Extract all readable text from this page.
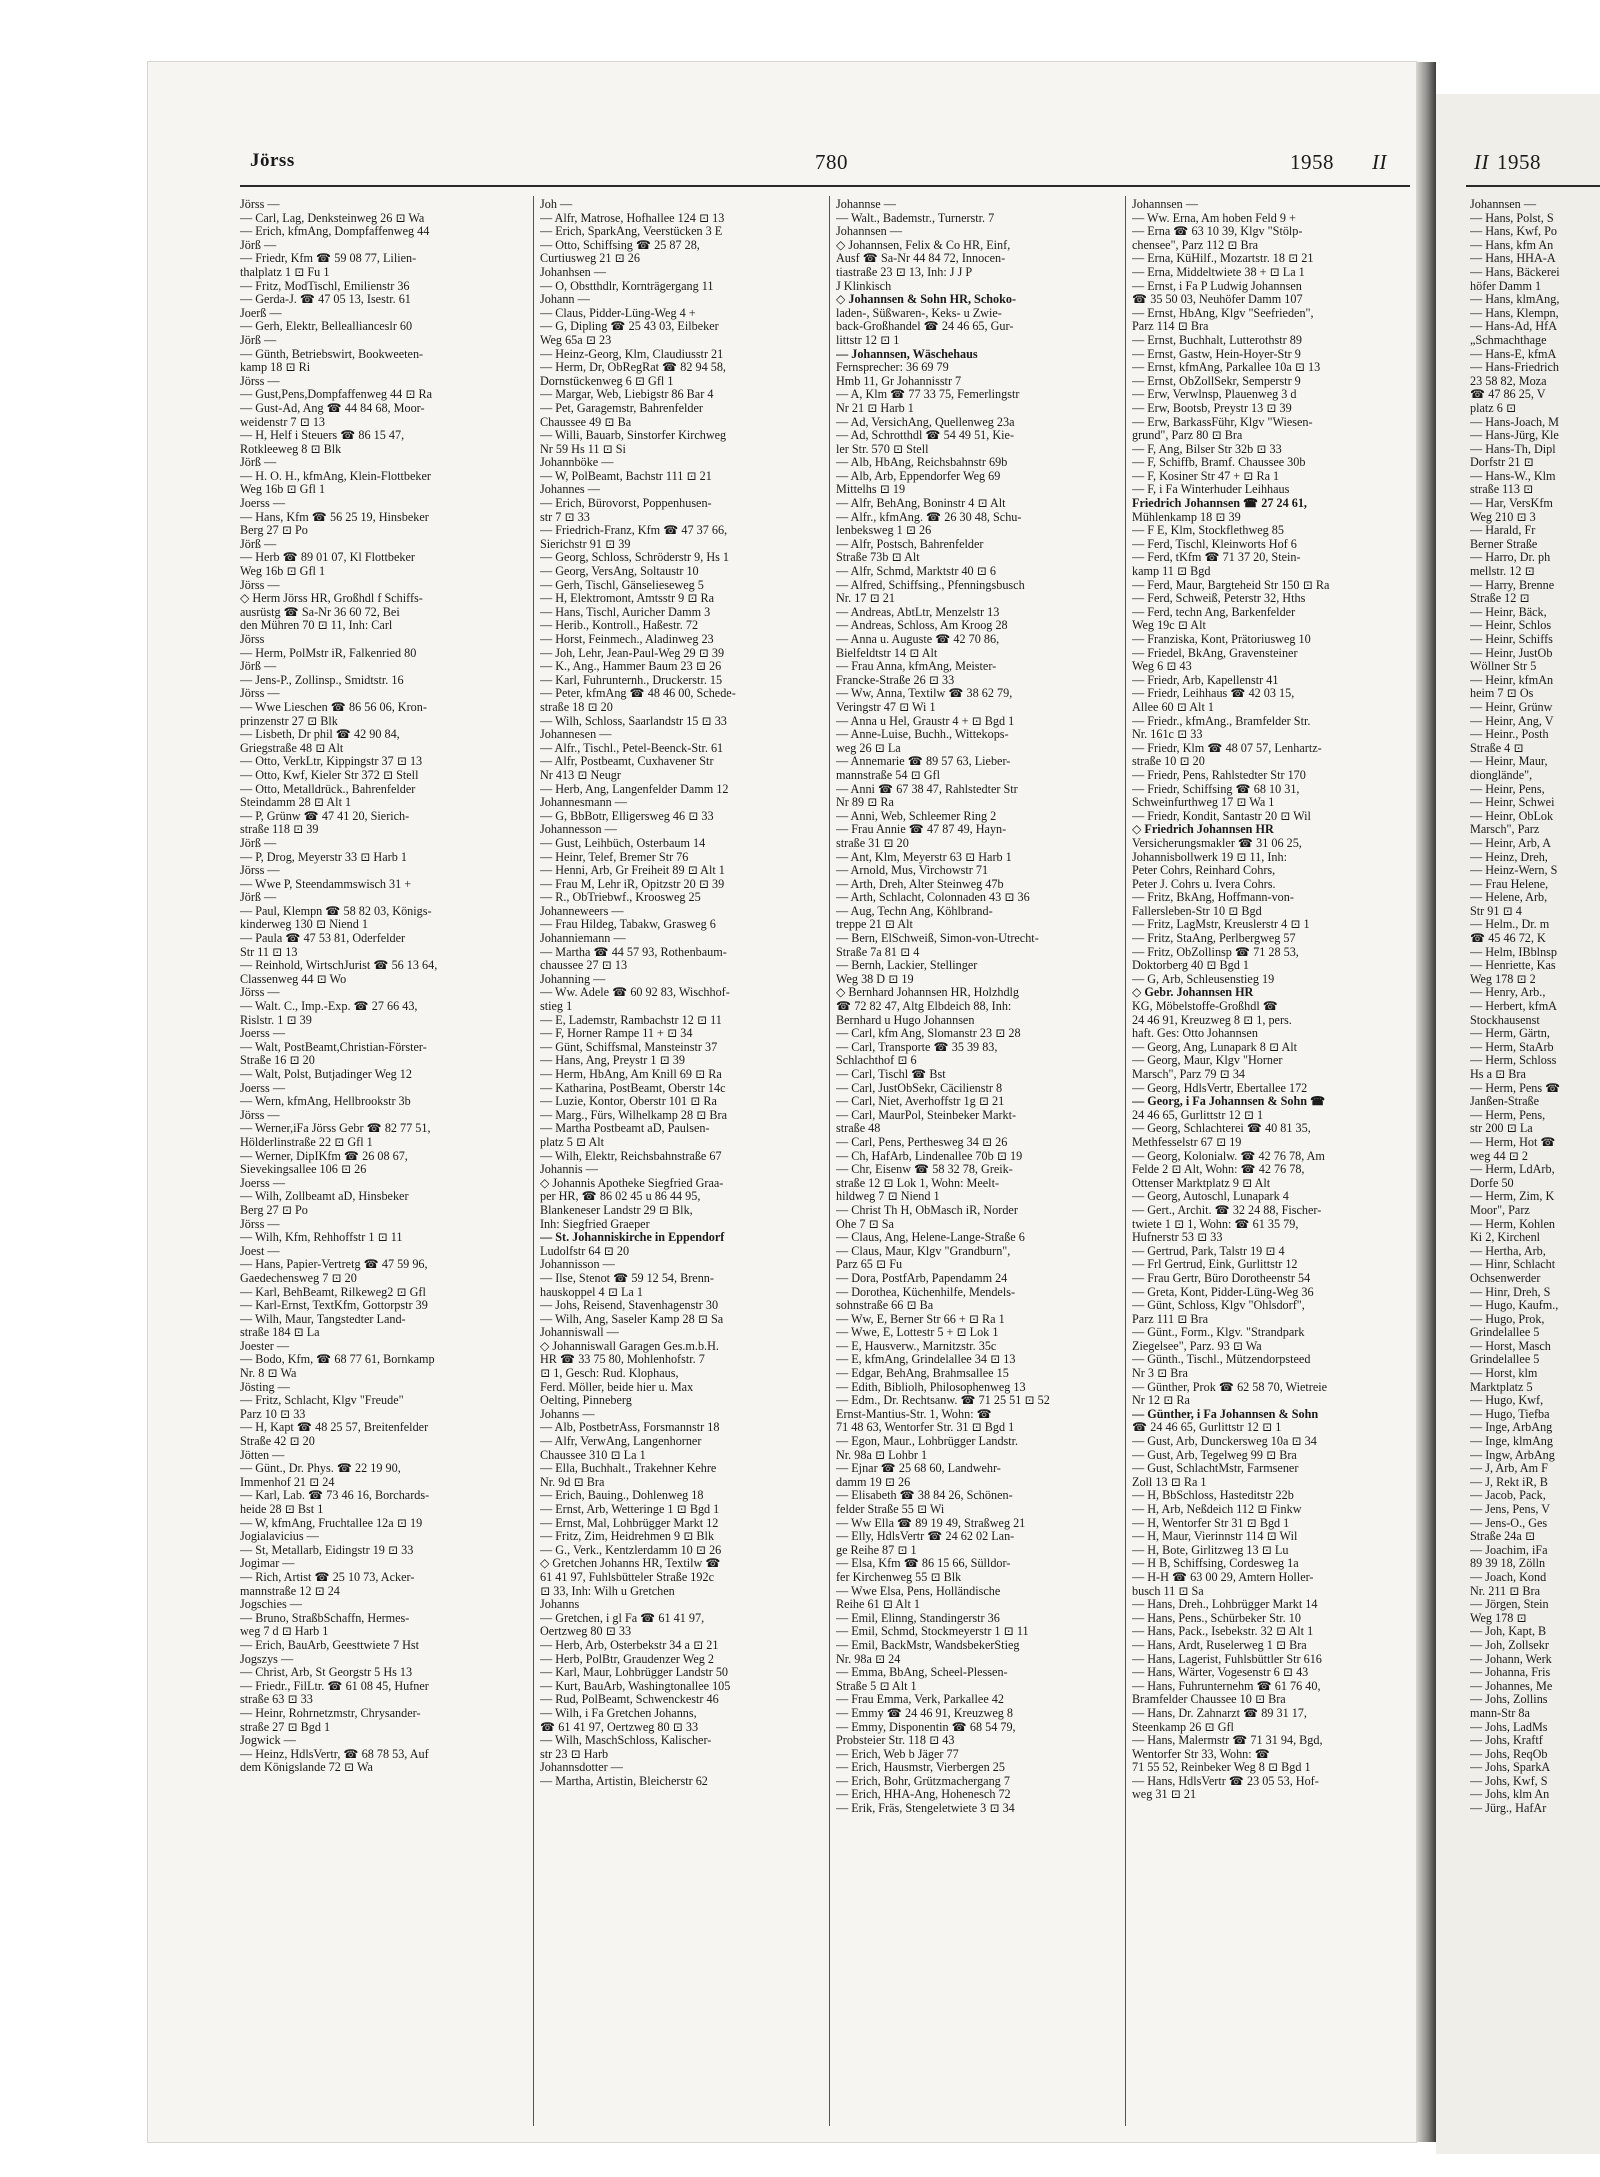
Jörss	780	1958 II	II 1958
Jörss —
— Carl, Lag, Denksteinweg 26 ⊡ Wa
— Erich, kfmAng, Dompfaffenweg 44
Jörß —
— Friedr, Kfm ☎ 59 08 77, Lilien-
thalplatz 1 ⊡ Fu 1
— Fritz, ModTischl, Emilienstr 36
— Gerda-J. ☎ 47 05 13, Isestr. 61
Joerß —
— Gerh, Elektr, Belleallianceslr 60
Jörß —
— Günth, Betriebswirt, Bookweeten-
kamp 18 ⊡ Ri
Jörss —
— Gust,Pens,Dompfaffenweg 44 ⊡ Ra
— Gust-Ad, Ang ☎ 44 84 68, Moor-
weidenstr 7 ⊡ 13
— H, Helf i Steuers ☎ 86 15 47,
Rotkleeweg 8 ⊡ Blk
Jörß —
— H. O. H., kfmAng, Klein-Flottbeker
Weg 16b ⊡ Gfl 1
Joerss —
— Hans, Kfm ☎ 56 25 19, Hinsbeker
Berg 27 ⊡ Po
Jörß —
— Herb ☎ 89 01 07, Kl Flottbeker
Weg 16b ⊡ Gfl 1
Jörss —
◇ Herm Jörss HR, Großhdl f Schiffs-
ausrüstg ☎ Sa-Nr 36 60 72, Bei
den Mühren 70 ⊡ 11, Inh: Carl
Jörss
— Herm, PolMstr iR, Falkenried 80
Jörß —
— Jens-P., Zollinsp., Smidtstr. 16
Jörss —
— Wwe Lieschen ☎ 86 56 06, Kron-
prinzenstr 27 ⊡ Blk
— Lisbeth, Dr phil ☎ 42 90 84,
Griegstraße 48 ⊡ Alt
— Otto, VerkLtr, Kippingstr 37 ⊡ 13
— Otto, Kwf, Kieler Str 372 ⊡ Stell
— Otto, Metalldrück., Bahrenfelder
Steindamm 28 ⊡ Alt 1
— P, Grünw ☎ 47 41 20, Sierich-
straße 118 ⊡ 39
Jörß —
— P, Drog, Meyerstr 33 ⊡ Harb 1
Jörss —
— Wwe P, Steendammswisch 31 +
Jörß —
— Paul, Klempn ☎ 58 82 03, Königs-
kinderweg 130 ⊡ Niend 1
— Paula ☎ 47 53 81, Oderfelder
Str 11 ⊡ 13
— Reinhold, WirtschJurist ☎ 56 13 64,
Classenweg 44 ⊡ Wo
Jörss —
— Walt. C., Imp.-Exp. ☎ 27 66 43,
Rislstr. 1 ⊡ 39
Joerss —
— Walt, PostBeamt,Christian-Förster-
Straße 16 ⊡ 20
— Walt, Polst, Butjadinger Weg 12
Joerss —
— Wern, kfmAng, Hellbrookstr 3b
Jörss —
— Werner,iFa Jörss Gebr ☎ 82 77 51,
Hölderlinstraße 22 ⊡ Gfl 1
— Werner, DipIKfm ☎ 26 08 67,
Sievekingsallee 106 ⊡ 26
Joerss —
— Wilh, Zollbeamt aD, Hinsbeker
Berg 27 ⊡ Po
Jörss —
— Wilh, Kfm, Rehhoffstr 1 ⊡ 11
Joest —
— Hans, Papier-Vertretg ☎ 47 59 96,
Gaedechensweg 7 ⊡ 20
— Karl, BehBeamt, Rilkeweg2 ⊡ Gfl
— Karl-Ernst, TextKfm, Gottorpstr 39
— Wilh, Maur, Tangstedter Land-
straße 184 ⊡ La
Joester —
— Bodo, Kfm, ☎ 68 77 61, Bornkamp
Nr. 8 ⊡ Wa
Jösting —
— Fritz, Schlacht, Klgv "Freude"
Parz 10 ⊡ 33
— H, Kapt ☎ 48 25 57, Breitenfelder
Straße 42 ⊡ 20
Jötten —
— Günt., Dr. Phys. ☎ 22 19 90,
Immenhof 21 ⊡ 24
— Karl, Lab. ☎ 73 46 16, Borchards-
heide 28 ⊡ Bst 1
— W, kfmAng, Fruchtallee 12a ⊡ 19
Jogialavicius —
— St, Metallarb, Eidingstr 19 ⊡ 33
Jogimar —
— Rich, Artist ☎ 25 10 73, Acker-
mannstraße 12 ⊡ 24
Jogschies —
— Bruno, StraßbSchaffn, Hermes-
weg 7 d ⊡ Harb 1
— Erich, BauArb, Geesttwiete 7 Hst
Jogszys —
— Christ, Arb, St Georgstr 5 Hs 13
— Friedr., FilLtr. ☎ 61 08 45, Hufner
straße 63 ⊡ 33
— Heinr, Rohrnetzmstr, Chrysander-
straße 27 ⊡ Bgd 1
Jogwick —
— Heinz, HdlsVertr, ☎ 68 78 53, Auf
dem Königslande 72 ⊡ Wa
Joh —
— Alfr, Matrose, Hofhallee 124 ⊡ 13
— Erich, SparkAng, Veerstücken 3 E
— Otto, Schiffsing ☎ 25 87 28,
Curtiusweg 21 ⊡ 26
Johanhsen —
— O, Obstthdlr, Kornträgergang 11
Johann —
— Claus, Pidder-Lüng-Weg 4 +
— G, Dipling ☎ 25 43 03, Eilbeker
Weg 65a ⊡ 23
— Heinz-Georg, Klm, Claudiusstr 21
— Herm, Dr, ObRegRat ☎ 82 94 58,
Dornstückenweg 6 ⊡ Gfl 1
— Margar, Web, Liebigstr 86 Bar 4
— Pet, Garagemstr, Bahrenfelder
Chaussee 49 ⊡ Ba
— Willi, Bauarb, Sinstorfer Kirchweg
Nr 59 Hs 11 ⊡ Si
Johannböke —
— W, PolBeamt, Bachstr 111 ⊡ 21
Johannes —
— Erich, Bürovorst, Poppenhusen-
str 7 ⊡ 33
— Friedrich-Franz, Kfm ☎ 47 37 66,
Sierichstr 91 ⊡ 39
— Georg, Schloss, Schröderstr 9, Hs 1
— Georg, VersAng, Soltaustr 10
— Gerh, Tischl, Gänselieseweg 5
— H, Elektromont, Amtsstr 9 ⊡ Ra
— Hans, Tischl, Auricher Damm 3
— Herib., Kontroll., Haßestr. 72
— Horst, Feinmech., Aladinweg 23
— Joh, Lehr, Jean-Paul-Weg 29 ⊡ 39
— K., Ang., Hammer Baum 23 ⊡ 26
— Karl, Fuhrunternh., Druckerstr. 15
— Peter, kfmAng ☎ 48 46 00, Schede-
straße 18 ⊡ 20
— Wilh, Schloss, Saarlandstr 15 ⊡ 33
Johannesen —
— Alfr., Tischl., Petel-Beenck-Str. 61
— Alfr, Postbeamt, Cuxhavener Str
Nr 413 ⊡ Neugr
— Herb, Ang, Langenfelder Damm 12
Johannesmann —
— G, BbBotr, Elligersweg 46 ⊡ 33
Johannesson —
— Gust, Leihbüch, Osterbaum 14
— Heinr, Telef, Bremer Str 76
— Henni, Arb, Gr Freiheit 89 ⊡ Alt 1
— Frau M, Lehr iR, Opitzstr 20 ⊡ 39
— R., ObTriebwf., Kroosweg 25
Johanneweers —
— Frau Hildeg, Tabakw, Grasweg 6
Johanniemann —
— Martha ☎ 44 57 93, Rothenbaum-
chaussee 27 ⊡ 13
Johanning —
— Ww. Adele ☎ 60 92 83, Wischhof-
stieg 1
— E, Lademstr, Rambachstr 12 ⊡ 11
— F, Horner Rampe 11 + ⊡ 34
— Günt, Schiffsmal, Mansteinstr 37
— Hans, Ang, Preystr 1 ⊡ 39
— Herm, HbAng, Am Knill 69 ⊡ Ra
— Katharina, PostBeamt, Oberstr 14c
— Luzie, Kontor, Oberstr 101 ⊡ Ra
— Marg., Fürs, Wilhelkamp 28 ⊡ Bra
— Martha Postbeamt aD, Paulsen-
platz 5 ⊡ Alt
— Wilh, Elektr, Reichsbahnstraße 67
Johannis —
◇ Johannis Apotheke Siegfried Graa-
per HR, ☎ 86 02 45 u 86 44 95,
Blankeneser Landstr 29 ⊡ Blk,
Inh: Siegfried Graeper
— St. Johanniskirche in Eppendorf
Ludolfstr 64 ⊡ 20
Johannisson —
— Ilse, Stenot ☎ 59 12 54, Brenn-
hauskoppel 4 ⊡ La 1
— Johs, Reisend, Stavenhagenstr 30
— Wilh, Ang, Saseler Kamp 28 ⊡ Sa
Johanniswall —
◇ Johanniswall Garagen Ges.m.b.H.
HR ☎ 33 75 80, Mohlenhofstr. 7
⊡ 1, Gesch: Rud. Klophaus,
Ferd. Möller, beide hier u. Max
Oelting, Pinneberg
Johanns —
— Alb, PostbetrAss, Forsmannstr 18
— Alfr, VerwAng, Langenhorner
Chaussee 310 ⊡ La 1
— Ella, Buchhalt., Trakehner Kehre
Nr. 9d ⊡ Bra
— Erich, Bauing., Dohlenweg 18
— Ernst, Arb, Wetteringe 1 ⊡ Bgd 1
— Ernst, Mal, Lohbrügger Markt 12
— Fritz, Zim, Heidrehmen 9 ⊡ Blk
— G., Verk., Kentzlerdamm 10 ⊡ 26
◇ Gretchen Johanns HR, Textilw ☎
61 41 97, Fuhlsbütteler Straße 192c
⊡ 33, Inh: Wilh u Gretchen
Johanns
— Gretchen, i gl Fa ☎ 61 41 97,
Oertzweg 80 ⊡ 33
— Herb, Arb, Osterbekstr 34 a ⊡ 21
— Herb, PolBtr, Graudenzer Weg 2
— Karl, Maur, Lohbrügger Landstr 50
— Kurt, BauArb, Washingtonallee 105
— Rud, PolBeamt, Schwenckestr 46
— Wilh, i Fa Gretchen Johanns,
☎ 61 41 97, Oertzweg 80 ⊡ 33
— Wilh, MaschSchloss, Kalischer-
str 23 ⊡ Harb
Johannsdotter —
— Martha, Artistin, Bleicherstr 62
Johannse —
— Walt., Bademstr., Turnerstr. 7
Johannsen —
◇ Johannsen, Felix & Co HR, Einf,
Ausf ☎ Sa-Nr 44 84 72, Innocen-
tiastraße 23 ⊡ 13, Inh: J J P
J Klinkisch
◇ Johannsen & Sohn HR, Schoko-
laden-, Süßwaren-, Keks- u Zwie-
back-Großhandel ☎ 24 46 65, Gur-
littstr 12 ⊡ 1
— Johannsen, Wäschehaus
Fernsprecher: 36 69 79
Hmb 11, Gr Johannisstr 7
— A, Klm ☎ 77 33 75, Femerlingstr
Nr 21 ⊡ Harb 1
— Ad, VersichAng, Quellenweg 23a
— Ad, Schrotthdl ☎ 54 49 51, Kie-
ler Str. 570 ⊡ Stell
— Alb, HbAng, Reichsbahnstr 69b
— Alb, Arb, Eppendorfer Weg 69
Mittelhs ⊡ 19
— Alfr, BehAng, Boninstr 4 ⊡ Alt
— Alfr., kfmAng. ☎ 26 30 48, Schu-
lenbeksweg 1 ⊡ 26
— Alfr, Postsch, Bahrenfelder
Straße 73b ⊡ Alt
— Alfr, Schmd, Marktstr 40 ⊡ 6
— Alfred, Schiffsing., Pfenningsbusch
Nr. 17 ⊡ 21
— Andreas, AbtLtr, Menzelstr 13
— Andreas, Schloss, Am Kroog 28
— Anna u. Auguste ☎ 42 70 86,
Bielfeldtstr 14 ⊡ Alt
— Frau Anna, kfmAng, Meister-
Francke-Straße 26 ⊡ 33
— Ww, Anna, Textilw ☎ 38 62 79,
Veringstr 47 ⊡ Wi 1
— Anna u Hel, Graustr 4 + ⊡ Bgd 1
— Anne-Luise, Buchh., Wittekops-
weg 26 ⊡ La
— Annemarie ☎ 89 57 63, Lieber-
mannstraße 54 ⊡ Gfl
— Anni ☎ 67 38 47, Rahlstedter Str
Nr 89 ⊡ Ra
— Anni, Web, Schleemer Ring 2
— Frau Annie ☎ 47 87 49, Hayn-
straße 31 ⊡ 20
— Ant, Klm, Meyerstr 63 ⊡ Harb 1
— Arnold, Mus, Virchowstr 71
— Arth, Dreh, Alter Steinweg 47b
— Arth, Schlacht, Colonnaden 43 ⊡ 36
— Aug, Techn Ang, Köhlbrand-
treppe 21 ⊡ Alt
— Bern, ElSchweiß, Simon-von-Utrecht-
Straße 7a 81 ⊡ 4
— Bernh, Lackier, Stellinger
Weg 38 D ⊡ 19
◇ Bernhard Johannsen HR, Holzhdlg
☎ 72 82 47, Altg Elbdeich 88, Inh:
Bernhard u Hugo Johannsen
— Carl, kfm Ang, Slomanstr 23 ⊡ 28
— Carl, Transporte ☎ 35 39 83,
Schlachthof ⊡ 6
— Carl, Tischl ☎ Bst
— Carl, JustObSekr, Cäcilienstr 8
— Carl, Niet, Averhoffstr 1g ⊡ 21
— Carl, MaurPol, Steinbeker Markt-
straße 48
— Carl, Pens, Perthesweg 34 ⊡ 26
— Ch, HafArb, Lindenallee 70b ⊡ 19
— Chr, Eisenw ☎ 58 32 78, Greik-
straße 12 ⊡ Lok 1, Wohn: Meelt-
hildweg 7 ⊡ Niend 1
— Christ Th H, ObMasch iR, Norder
Ohe 7 ⊡ Sa
— Claus, Ang, Helene-Lange-Straße 6
— Claus, Maur, Klgv "Grandburn",
Parz 65 ⊡ Fu
— Dora, PostfArb, Papendamm 24
— Dorothea, Küchenhilfe, Mendels-
sohnstraße 66 ⊡ Ba
— Ww, E, Berner Str 66 + ⊡ Ra 1
— Wwe, E, Lottestr 5 + ⊡ Lok 1
— E, Hausverw., Marnitzstr. 35c
— E, kfmAng, Grindelallee 34 ⊡ 13
— Edgar, BehAng, Brahmsallee 15
— Edith, Bibliolh, Philosophenweg 13
— Edm., Dr. Rechtsanw. ☎ 71 25 51 ⊡ 52
Ernst-Mantius-Str. 1, Wohn: ☎
71 48 63, Wentorfer Str. 31 ⊡ Bgd 1
— Egon, Maur., Lohbrügger Landstr.
Nr. 98a ⊡ Lohbr 1
— Ejnar ☎ 25 68 60, Landwehr-
damm 19 ⊡ 26
— Elisabeth ☎ 38 84 26, Schönen-
felder Straße 55 ⊡ Wi
— Ww Ella ☎ 89 19 49, Straßweg 21
— Elly, HdlsVertr ☎ 24 62 02 Lan-
ge Reihe 87 ⊡ 1
— Elsa, Kfm ☎ 86 15 66, Sülldor-
fer Kirchenweg 55 ⊡ Blk
— Wwe Elsa, Pens, Holländische
Reihe 61 ⊡ Alt 1
— Emil, Elinng, Standingerstr 36
— Emil, Schmd, Stockmeyerstr 1 ⊡ 11
— Emil, BackMstr, WandsbekerStieg
Nr. 98a ⊡ 24
— Emma, BbAng, Scheel-Plessen-
Straße 5 ⊡ Alt 1
— Frau Emma, Verk, Parkallee 42
— Emmy ☎ 24 46 91, Kreuzweg 8
— Emmy, Disponentin ☎ 68 54 79,
Probsteier Str. 118 ⊡ 43
— Erich, Web b Jäger 77
— Erich, Hausmstr, Vierbergen 25
— Erich, Bohr, Grützmachergang 7
— Erich, HHA-Ang, Hohenesch 72
— Erik, Fräs, Stengeletwiete 3 ⊡ 34
Johannsen —
— Ww. Erna, Am hoben Feld 9 +
— Erna ☎ 63 10 39, Klgv "Stölp-
chensee", Parz 112 ⊡ Bra
— Erna, KüHilf., Mozartstr. 18 ⊡ 21
— Erna, Middeltwiete 38 + ⊡ La 1
— Ernst, i Fa P Ludwig Johannsen
☎ 35 50 03, Neuhöfer Damm 107
— Ernst, HbAng, Klgv "Seefrieden",
Parz 114 ⊡ Bra
— Ernst, Buchhalt, Lutterothstr 89
— Ernst, Gastw, Hein-Hoyer-Str 9
— Ernst, kfmAng, Parkallee 10a ⊡ 13
— Ernst, ObZollSekr, Semperstr 9
— Erw, Verwlnsp, Plauenweg 3 d
— Erw, Bootsb, Preystr 13 ⊡ 39
— Erw, BarkassFühr, Klgv "Wiesen-
grund", Parz 80 ⊡ Bra
— F, Ang, Bilser Str 32b ⊡ 33
— F, Schiffb, Bramf. Chaussee 30b
— F, Kosiner Str 47 + ⊡ Ra 1
— F, i Fa Winterhuder Leihhaus
Friedrich Johannsen ☎ 27 24 61,
Mühlenkamp 18 ⊡ 39
— F E, Klm, Stockflethweg 85
— Ferd, Tischl, Kleinworts Hof 6
— Ferd, tKfm ☎ 71 37 20, Stein-
kamp 11 ⊡ Bgd
— Ferd, Maur, Bargteheid Str 150 ⊡ Ra
— Ferd, Schweiß, Peterstr 32, Hths
— Ferd, techn Ang, Barkenfelder
Weg 19c ⊡ Alt
— Franziska, Kont, Prätoriusweg 10
— Friedel, BkAng, Gravensteiner
Weg 6 ⊡ 43
— Friedr, Arb, Kapellenstr 41
— Friedr, Leihhaus ☎ 42 03 15,
Allee 60 ⊡ Alt 1
— Friedr., kfmAng., Bramfelder Str.
Nr. 161c ⊡ 33
— Friedr, Klm ☎ 48 07 57, Lenhartz-
straße 10 ⊡ 20
— Friedr, Pens, Rahlstedter Str 170
— Friedr, Schiffsing ☎ 68 10 31,
Schweinfurthweg 17 ⊡ Wa 1
— Friedr, Kondit, Santastr 20 ⊡ Wil
◇ Friedrich Johannsen HR
Versicherungsmakler ☎ 31 06 25,
Johannisbollwerk 19 ⊡ 11, Inh:
Peter Cohrs, Reinhard Cohrs,
Peter J. Cohrs u. Ivera Cohrs.
— Fritz, BkAng, Hoffmann-von-
Fallersleben-Str 10 ⊡ Bgd
— Fritz, LagMstr, Kreuslerstr 4 ⊡ 1
— Fritz, StaAng, Perlbergweg 57
— Fritz, ObZollinsp ☎ 71 28 53,
Doktorberg 40 ⊡ Bgd 1
— G, Arb, Schleusenstieg 19
◇ Gebr. Johannsen HR
KG, Möbelstoffe-Großhdl ☎
24 46 91, Kreuzweg 8 ⊡ 1, pers.
haft. Ges: Otto Johannsen
— Georg, Ang, Lunapark 8 ⊡ Alt
— Georg, Maur, Klgv "Horner
Marsch", Parz 79 ⊡ 34
— Georg, HdlsVertr, Ebertallee 172
— Georg, i Fa Johannsen & Sohn ☎
24 46 65, Gurlittstr 12 ⊡ 1
— Georg, Schlachterei ☎ 40 81 35,
Methfesselstr 67 ⊡ 19
— Georg, Kolonialw. ☎ 42 76 78, Am
Felde 2 ⊡ Alt, Wohn: ☎ 42 76 78,
Ottenser Marktplatz 9 ⊡ Alt
— Georg, Autoschl, Lunapark 4
— Gert., Archit. ☎ 32 24 88, Fischer-
twiete 1 ⊡ 1, Wohn: ☎ 61 35 79,
Hufnerstr 53 ⊡ 33
— Gertrud, Park, Talstr 19 ⊡ 4
— Frl Gertrud, Eink, Gurlittstr 12
— Frau Gertr, Büro Dorotheenstr 54
— Greta, Kont, Pidder-Lüng-Weg 36
— Günt, Schloss, Klgv "Ohlsdorf",
Parz 111 ⊡ Bra
— Günt., Form., Klgv. "Strandpark
Ziegelsee", Parz. 93 ⊡ Wa
— Günth., Tischl., Mützendorpsteed
Nr 3 ⊡ Bra
— Günther, Prok ☎ 62 58 70, Wietreie
Nr 12 ⊡ Ra
— Günther, i Fa Johannsen & Sohn
☎ 24 46 65, Gurlittstr 12 ⊡ 1
— Gust, Arb, Dunckersweg 10a ⊡ 34
— Gust, Arb, Tegelweg 99 ⊡ Bra
— Gust, SchlachtMstr, Farmsener
Zoll 13 ⊡ Ra 1
— H, BbSchloss, Hasteditstr 22b
— H, Arb, Neßdeich 112 ⊡ Finkw
— H, Wentorfer Str 31 ⊡ Bgd 1
— H, Maur, Vierinnstr 114 ⊡ Wil
— H, Bote, Girlitzweg 13 ⊡ Lu
— H B, Schiffsing, Cordesweg 1a
— H-H ☎ 63 00 29, Amtern Holler-
busch 11 ⊡ Sa
— Hans, Dreh., Lohbrügger Markt 14
— Hans, Pens., Schürbeker Str. 10
— Hans, Pack., Isebekstr. 32 ⊡ Alt 1
— Hans, Ardt, Ruselerweg 1 ⊡ Bra
— Hans, Lagerist, Fuhlsbüttler Str 616
— Hans, Wärter, Vogesenstr 6 ⊡ 43
— Hans, Fuhrunternehm ☎ 61 76 40,
Bramfelder Chaussee 10 ⊡ Bra
— Hans, Dr. Zahnarzt ☎ 89 31 17,
Steenkamp 26 ⊡ Gfl
— Hans, Malermstr ☎ 71 31 94, Bgd,
Wentorfer Str 33, Wohn: ☎
71 55 52, Reinbeker Weg 8 ⊡ Bgd 1
— Hans, HdlsVertr ☎ 23 05 53, Hof-
weg 31 ⊡ 21
Johannsen —
— Hans, Polst, S
— Hans, Kwf, Po
— Hans, kfm An
— Hans, HHA-A
— Hans, Bäckerei
höfer Damm 1
— Hans, klmAng,
— Hans, Klempn,
— Hans-Ad, HfA
„Schmachthage
— Hans-E, kfmA
— Hans-Friedrich
23 58 82, Moza
☎ 47 86 25, V
platz 6 ⊡
— Hans-Joach, M
— Hans-Jürg, Kle
— Hans-Th, Dipl
Dorfstr 21 ⊡
— Hans-W., Klm
straße 113 ⊡
— Har, VersKfm
Weg 210 ⊡ 3
— Harald, Fr
Berner Straße
— Harro, Dr. ph
mellstr. 12 ⊡
— Harry, Brenne
Straße 12 ⊡
— Heinr, Bäck,
— Heinr, Schlos
— Heinr, Schiffs
— Heinr, JustOb
Wöllner Str 5
— Heinr, kfmAn
heim 7 ⊡ Os
— Heinr, Grünw
— Heinr, Ang, V
— Heinr., Posth
Straße 4 ⊡
— Heinr, Maur,
dionglände",
— Heinr, Pens,
— Heinr, Schwei
— Heinr, ObLok
Marsch", Parz
— Heinr, Arb, A
— Heinz, Dreh,
— Heinz-Wern, S
— Frau Helene,
— Helene, Arb,
Str 91 ⊡ 4
— Helm., Dr. m
☎ 45 46 72, K
— Helm, IBblnsp
— Henriette, Kas
Weg 178 ⊡ 2
— Henry, Arb.,
— Herbert, kfmA
Stockhausenst
— Herm, Gärtn,
— Herm, StaArb
— Herm, Schloss
Hs a ⊡ Bra
— Herm, Pens ☎
Janßen-Straße
— Herm, Pens,
str 200 ⊡ La
— Herm, Hot ☎
weg 44 ⊡ 2
— Herm, LdArb,
Dorfe 50
— Herm, Zim, K
Moor", Parz
— Herm, Kohlen
Ki 2, Kirchenl
— Hertha, Arb,
— Hinr, Schlacht
Ochsenwerder
— Hinr, Dreh, S
— Hugo, Kaufm.,
— Hugo, Prok,
Grindelallee 5
— Horst, Masch
Grindelallee 5
— Horst, klm
Marktplatz 5
— Hugo, Kwf,
— Hugo, Tiefba
— Inge, ArbAng
— Inge, klmAng
— Ingw, ArbAng
— J, Arb, Am F
— J, Rekt iR, B
— Jacob, Pack,
— Jens, Pens, V
— Jens-O., Ges
Straße 24a ⊡
— Joachim, iFa
89 39 18, Zölln
— Joach, Kond
Nr. 211 ⊡ Bra
— Jörgen, Stein
Weg 178 ⊡
— Joh, Kapt, B
— Joh, Zollsekr
— Johann, Werk
— Johanna, Fris
— Johannes, Me
— Johs, Zollins
mann-Str 8a
— Johs, LadMs
— Johs, Kraftf
— Johs, ReqOb
— Johs, SparkA
— Johs, Kwf, S
— Johs, klm An
— Jürg., HafAr
